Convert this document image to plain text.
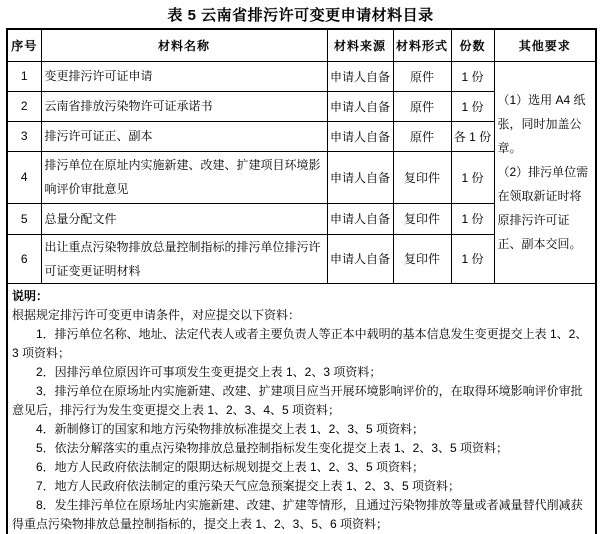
表 5 云南省排污许可变更申请材料目录
序号	材料名称	材料来源	材料形式	份数	其他要求
1	变更排污许可证申请	申请人自备	原件	1 份	（1）选用 A4 纸张，同时加盖公章。

（2）排污单位需在领取新证时将原排污许可证正、副本交回。

2	云南省排放污染物许可证承诺书	申请人自备	原件	1 份	
3	排污许可证正、副本	申请人自备	原件	各 1 份	
4	排污单位在原址内实施新建、改建、扩建项目环境影响评价审批意见	申请人自备	复印件	1 份	
5	总量分配文件	申请人自备	复印件	1 份	
6	出让重点污染物排放总量控制指标的排污单位排污许可证变更证明材料	申请人自备	复印件	1 份	

说明：

根据规定排污许可变更申请条件，对应提交以下资料：

1．排污单位名称、地址、法定代表人或者主要负责人等正本中载明的基本信息发生变更提交上表 1、2、3 项资料；

2．因排污单位原因许可事项发生变更提交上表 1、2、3 项资料；

3．排污单位在原场址内实施新建、改建、扩建项目应当开展环境影响评价的，在取得环境影响评价审批意见后，排污行为发生变更提交上表 1、2、3、4、5 项资料；

4．新制修订的国家和地方污染物排放标准提交上表 1、2、3、5 项资料；

5．依法分解落实的重点污染物排放总量控制指标发生变化提交上表 1、2、3、5 项资料；

6．地方人民政府依法制定的限期达标规划提交上表 1、2、3、5 项资料；

7．地方人民政府依法制定的重污染天气应急预案提交上表 1、2、3、5 项资料；

8．发生排污单位在原场址内实施新建、改建、扩建等情形，且通过污染物排放等量或者减量替代削减获得重点污染物排放总量控制指标的，提交上表 1、2、3、5、6 项资料；
